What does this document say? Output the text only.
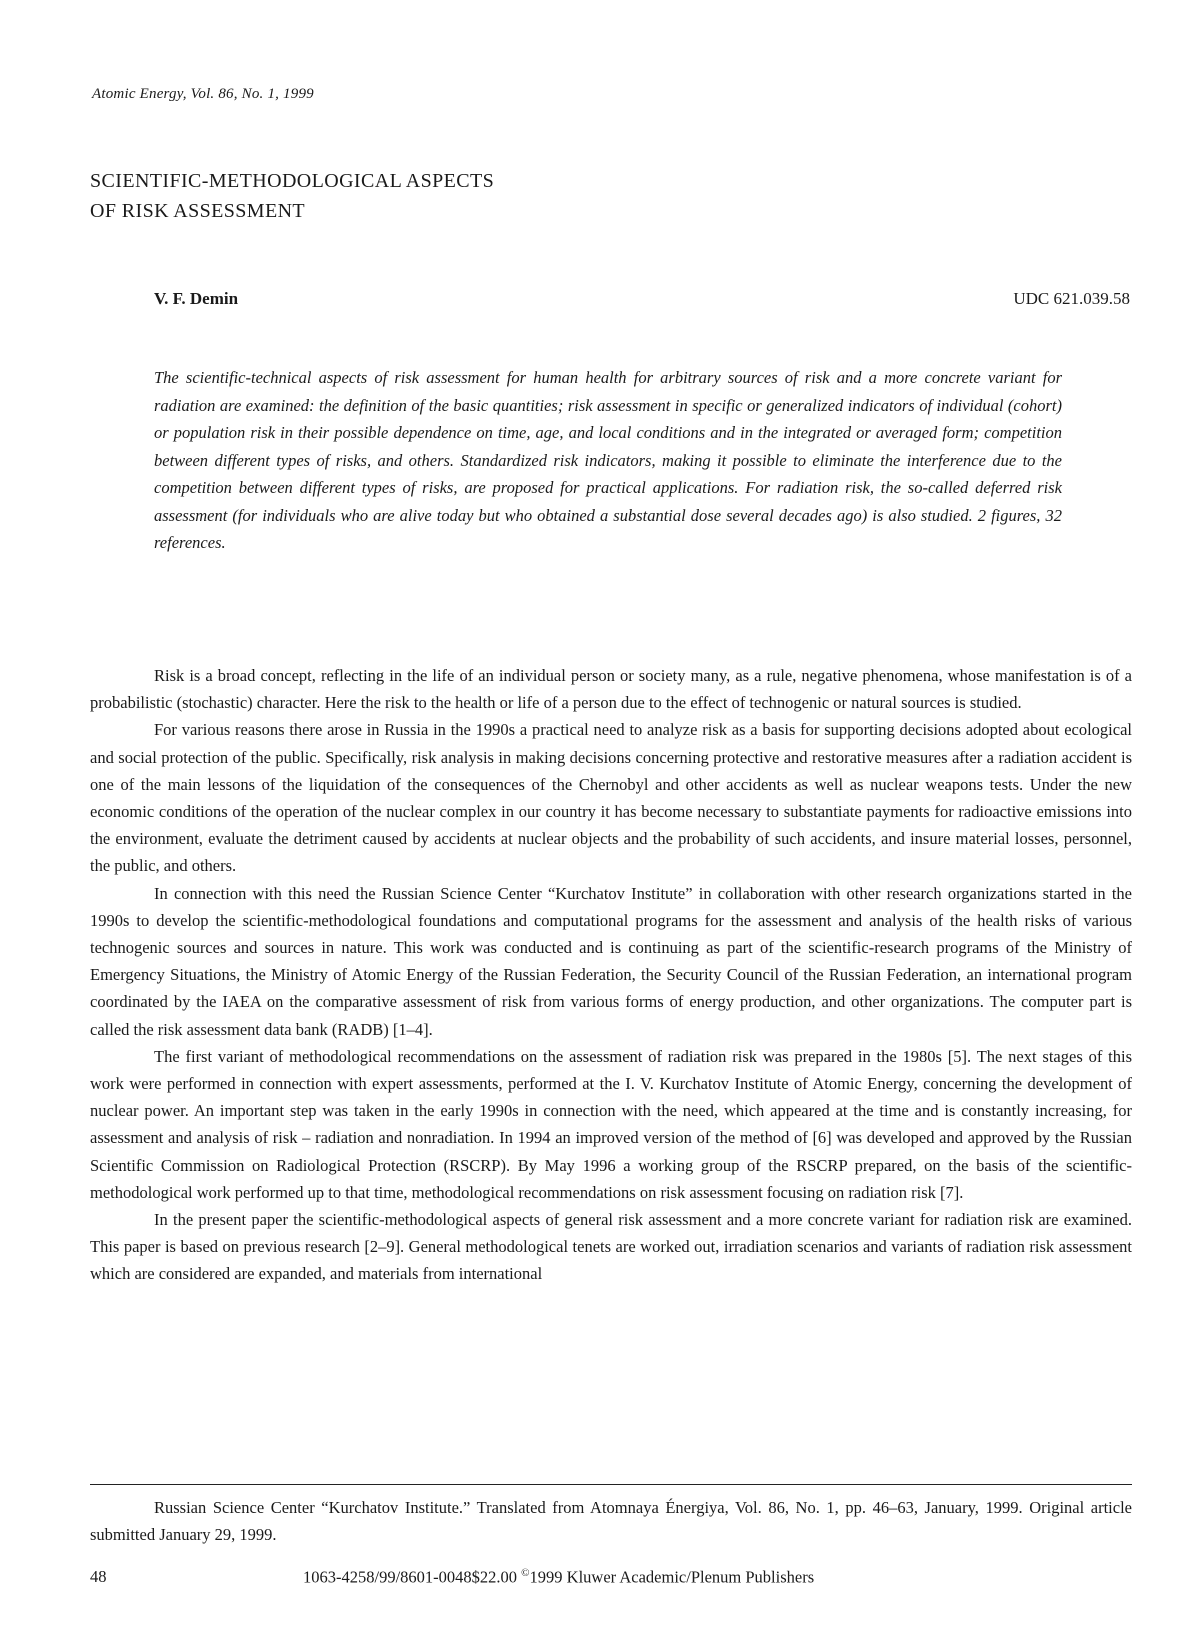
Atomic Energy, Vol. 86, No. 1, 1999
SCIENTIFIC-METHODOLOGICAL ASPECTS
OF RISK ASSESSMENT
V. F. Demin	UDC 621.039.58

The scientific-technical aspects of risk assessment for human health for arbitrary sources of risk and a more concrete variant for radiation are examined: the definition of the basic quantities; risk assessment in specific or generalized indicators of individual (cohort) or population risk in their possible dependence on time, age, and local conditions and in the integrated or averaged form; competition between different types of risks, and others. Standardized risk indicators, making it possible to eliminate the interference due to the competition between different types of risks, are proposed for practical applications. For radiation risk, the so-called deferred risk assessment (for individuals who are alive today but who obtained a substantial dose several decades ago) is also studied. 2 figures, 32 references.

Risk is a broad concept, reflecting in the life of an individual person or society many, as a rule, negative phenomena, whose manifestation is of a probabilistic (stochastic) character. Here the risk to the health or life of a person due to the effect of technogenic or natural sources is studied.

For various reasons there arose in Russia in the 1990s a practical need to analyze risk as a basis for supporting decisions adopted about ecological and social protection of the public. Specifically, risk analysis in making decisions concerning protective and restorative measures after a radiation accident is one of the main lessons of the liquidation of the consequences of the Chernobyl and other accidents as well as nuclear weapons tests. Under the new economic conditions of the operation of the nuclear complex in our country it has become necessary to substantiate payments for radioactive emissions into the environment, evaluate the detriment caused by accidents at nuclear objects and the probability of such accidents, and insure material losses, personnel, the public, and others.

In connection with this need the Russian Science Center “Kurchatov Institute” in collaboration with other research organizations started in the 1990s to develop the scientific-methodological foundations and computational programs for the assessment and analysis of the health risks of various technogenic sources and sources in nature. This work was conducted and is continuing as part of the scientific-research programs of the Ministry of Emergency Situations, the Ministry of Atomic Energy of the Russian Federation, the Security Council of the Russian Federation, an international program coordinated by the IAEA on the comparative assessment of risk from various forms of energy production, and other organizations. The computer part is called the risk assessment data bank (RADB) [1–4].

The first variant of methodological recommendations on the assessment of radiation risk was prepared in the 1980s [5]. The next stages of this work were performed in connection with expert assessments, performed at the I. V. Kurchatov Institute of Atomic Energy, concerning the development of nuclear power. An important step was taken in the early 1990s in connection with the need, which appeared at the time and is constantly increasing, for assessment and analysis of risk – radiation and nonradiation. In 1994 an improved version of the method of [6] was developed and approved by the Russian Scientific Commission on Radiological Protection (RSCRP). By May 1996 a working group of the RSCRP prepared, on the basis of the scientific-methodological work performed up to that time, methodological recommendations on risk assessment focusing on radiation risk [7].

In the present paper the scientific-methodological aspects of general risk assessment and a more concrete variant for radiation risk are examined. This paper is based on previous research [2–9]. General methodological tenets are worked out, irradiation scenarios and variants of radiation risk assessment which are considered are expanded, and materials from international

Russian Science Center “Kurchatov Institute.” Translated from Atomnaya Énergiya, Vol. 86, No. 1, pp. 46–63, January, 1999. Original article submitted January 29, 1999.

48	1063-4258/99/8601-0048$22.00 ©1999 Kluwer Academic/Plenum Publishers
